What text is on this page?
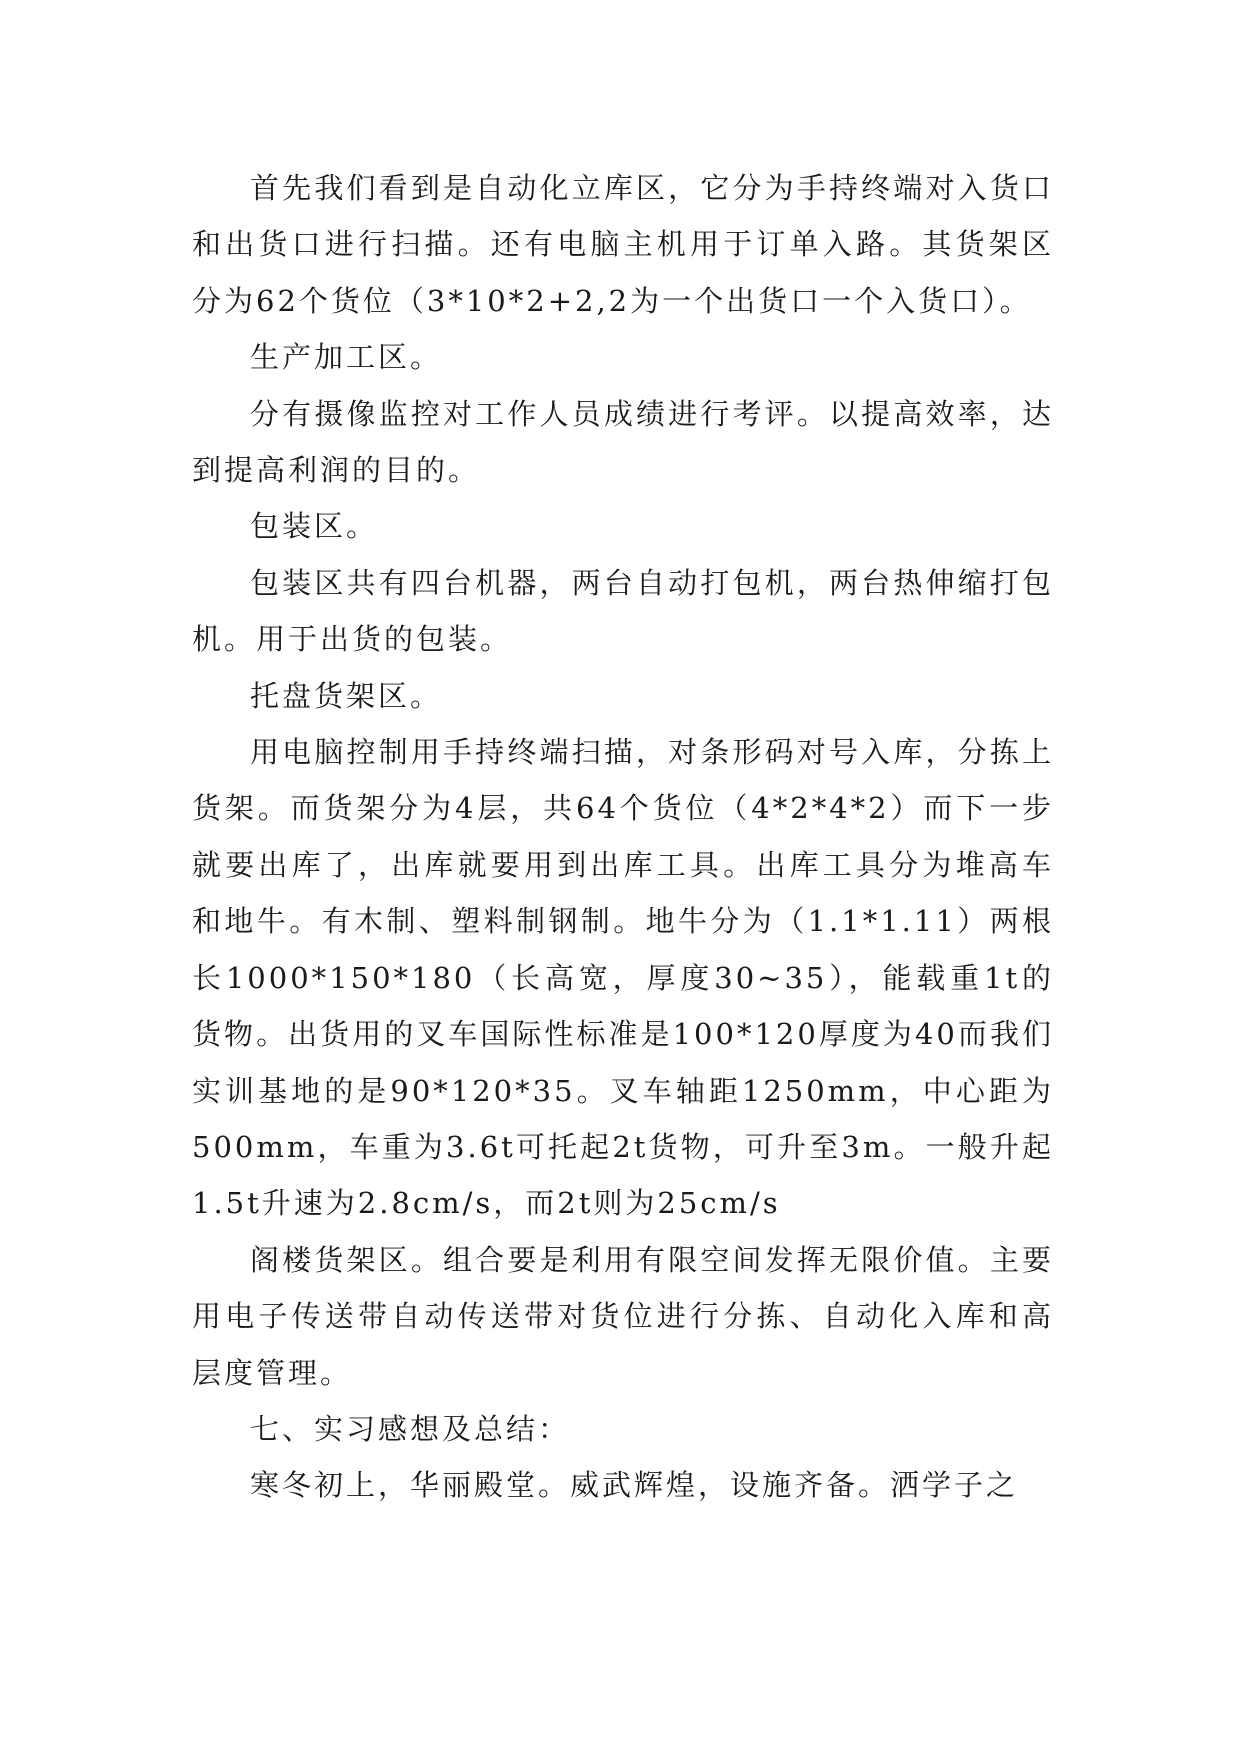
首先我们看到是自动化立库区，它分为手持终端对入货口和出货口进行扫描。还有电脑主机用于订单入路。其货架区分为62个货位（3*10*2+2,2为一个出货口一个入货口）。

生产加工区。

分有摄像监控对工作人员成绩进行考评。以提高效率，达到提高利润的目的。

包装区。

包装区共有四台机器，两台自动打包机，两台热伸缩打包机。用于出货的包装。

托盘货架区。

用电脑控制用手持终端扫描，对条形码对号入库，分拣上货架。而货架分为4层，共64个货位（4*2*4*2）而下一步就要出库了，出库就要用到出库工具。出库工具分为堆高车和地牛。有木制、塑料制钢制。地牛分为（1.1*1.11）两根长1000*150*180（长高宽，厚度30~35），能载重1t的货物。出货用的叉车国际性标准是100*120厚度为40而我们实训基地的是90*120*35。叉车轴距1250mm，中心距为500mm，车重为3.6t可托起2t货物，可升至3m。一般升起1.5t升速为2.8cm/s，而2t则为25cm/s

阁楼货架区。组合要是利用有限空间发挥无限价值。主要用电子传送带自动传送带对货位进行分拣、自动化入库和高层度管理。

七、实习感想及总结：

寒冬初上，华丽殿堂。威武辉煌，设施齐备。洒学子之
